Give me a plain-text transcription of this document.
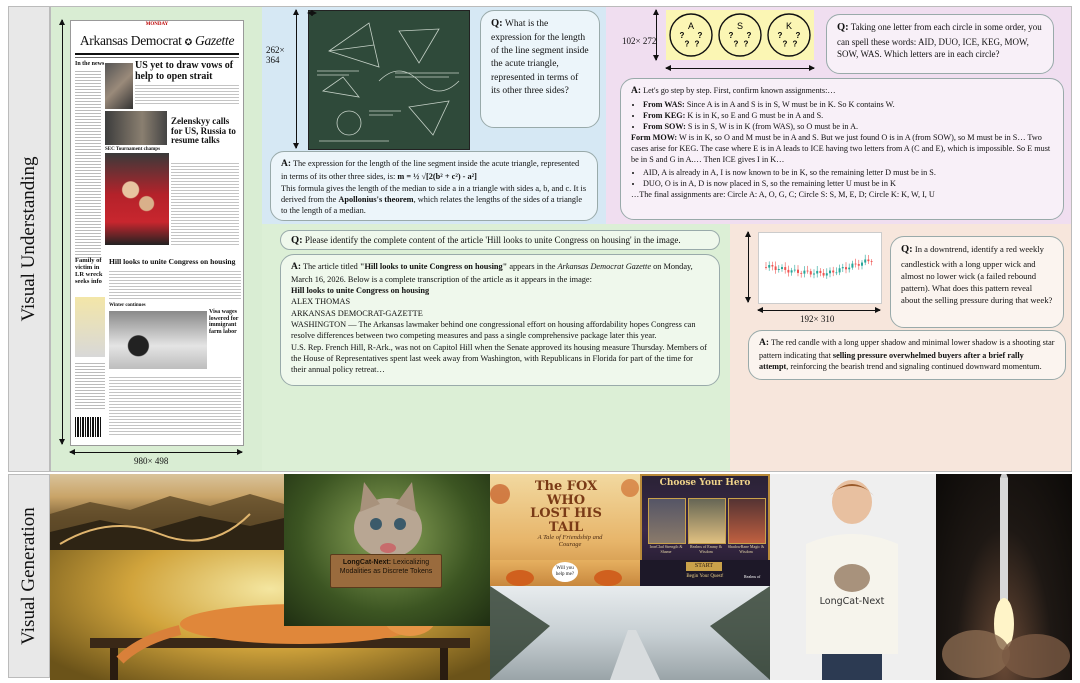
Visual Understanding
Visual Generation
MONDAY
Arkansas Democrat ✪ Gazette
In the news	US yet to draw vows of help to open strait
SEC Tournament champs
Zelenskyy calls for US, Russia to resume talks
Family of victim in LR wreck seeks info
Hill looks to unite Congress on housing
Winter continues
Visa wages lowered for immigrant farm labor
980× 498
262× 364
Q: What is the expression for the length of the line segment inside the acute triangle, represented in terms of its other three sides?
A: The expression for the length of the line segment inside the acute triangle, represented in terms of its other three sides, is: m = ½ √[2(b² + c²) - a²]
This formula gives the length of the median to side a in a triangle with sides a, b, and c. It is derived from the Apollonius's theorem, which relates the lengths of the sides of a triangle to the length of a median.
A
? ?
? ?
S
? ?
? ?
K
? ?
? ?
102× 272
Q: Taking one letter from each circle in some order, you can spell these words: AID, DUO, ICE, KEG, MOW, SOW, WAS. Which letters are in each circle?
A: Let's go step by step. First, confirm known assignments:…
• From WAS: Since A is in A and S is in S, W must be in K. So K contains W.
• From KEG: K is in K, so E and G must be in A and S.
• From SOW: S is in S, W is in K (from WAS), so O must be in A.
Form MOW: W is in K, so O and M must be in A and S. But we just found O is in A (from SOW), so M must be in S… Two cases arise for KEG. The case where E is in A leads to ICE having two letters from A (C and E), which is impossible. So E must be in S and G in A.… Then ICE gives I in K…
• AID, A is already in A, I is now known to be in K, so the remaining letter D must be in S.
• DUO, O is in A, D is now placed in S, so the remaining letter U must be in K
…The final assignments are: Circle A: A, O, G, C; Circle S: S, M, E, D; Circle K: K, W, I, U
Q: Please identify the complete content of the article 'Hill looks to unite Congress on housing' in the image.
A: The article titled "Hill looks to unite Congress on housing" appears in the Arkansas Democrat Gazette on Monday, March 16, 2026. Below is a complete transcription of the article as it appears in the image:
Hill looks to unite Congress on housing
ALEX THOMAS
ARKANSAS DEMOCRAT-GAZETTE
WASHINGTON — The Arkansas lawmaker behind one congressional effort on housing affordability hopes Congress can resolve differences between two competing measures and pass a single comprehensive package later this year.
U.S. Rep. French Hill, R-Ark., was not on Capitol Hill when the Senate approved its housing measure Thursday. Members of the House of Representatives spent last week away from Washington, with Republicans in Florida for part of the time for their annual policy retreat…
192× 310
Q: In a downtrend, identify a red weekly candlestick with a long upper wick and almost no lower wick (a failed rebound pattern). What does this pattern reveal about the selling pressure during that week?
A: The red candle with a long upper shadow and minimal lower shadow is a shooting star pattern indicating that selling pressure overwhelmed buyers after a brief rally attempt, reinforcing the bearish trend and signaling continued downward momentum.
LongCat-Next: Lexicalizing Modalities as Discrete Tokens
The FOX WHO LOST HIS TAIL
A Tale of Friendship and Courage
Will you help me?
Choose Your Hero
IronClad Strength & Shame
Realms of Emmy & Wisdom
ShadowBane Magic & Wisdom
START
Begin Your Quest!	Realms of
LongCat-Next
